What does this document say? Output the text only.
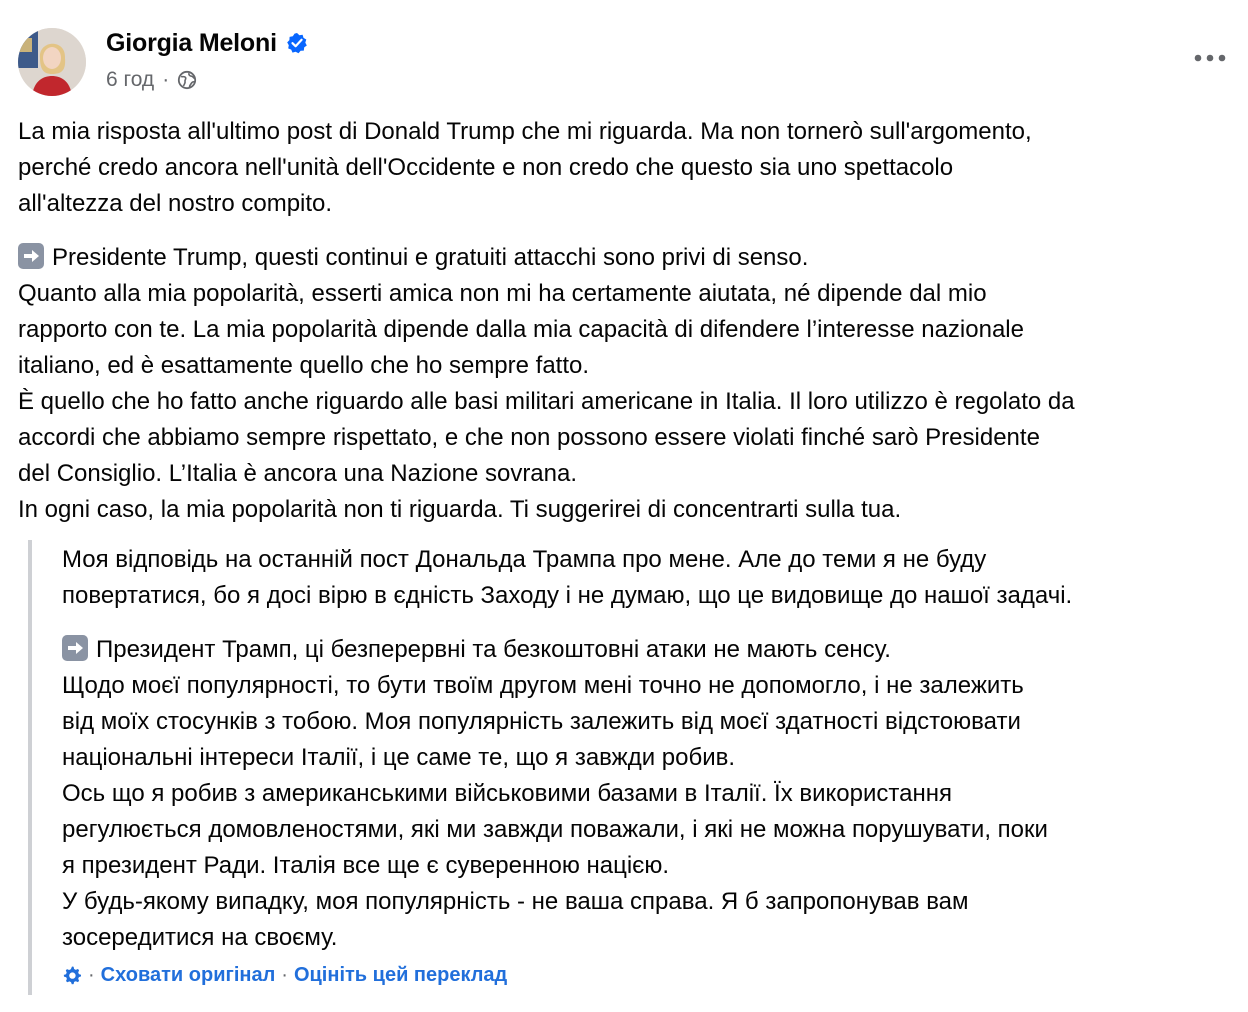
Giorgia Meloni
6 год ·

La mia risposta all'ultimo post di Donald Trump che mi riguarda. Ma non tornerò sull'argomento,
perché credo ancora nell'unità dell'Occidente e non credo che questo sia uno spettacolo
all'altezza del nostro compito.

Presidente Trump, questi continui e gratuiti attacchi sono privi di senso.
Quanto alla mia popolarità, esserti amica non mi ha certamente aiutata, né dipende dal mio
rapporto con te. La mia popolarità dipende dalla mia capacità di difendere l’interesse nazionale
italiano, ed è esattamente quello che ho sempre fatto.
È quello che ho fatto anche riguardo alle basi militari americane in Italia. Il loro utilizzo è regolato da
accordi che abbiamo sempre rispettato, e che non possono essere violati finché sarò Presidente
del Consiglio. L’Italia è ancora una Nazione sovrana.
In ogni caso, la mia popolarità non ti riguarda. Ti suggerirei di concentrarti sulla tua.

Моя відповідь на останній пост Дональда Трампа про мене. Але до теми я не буду
повертатися, бо я досі вірю в єдність Заходу і не думаю, що це видовище до нашої задачі.

Президент Трамп, ці безперервні та безкоштовні атаки не мають сенсу.
Щодо моєї популярності, то бути твоїм другом мені точно не допомогло, і не залежить
від моїх стосунків з тобою. Моя популярність залежить від моєї здатності відстоювати
національні інтереси Італії, і це саме те, що я завжди робив.
Ось що я робив з американськими військовими базами в Італії. Їх використання
регулюється домовленостями, які ми завжди поважали, і які не можна порушувати, поки
я президент Ради. Італія все ще є суверенною нацією.
У будь-якому випадку, моя популярність - не ваша справа. Я б запропонував вам
зосередитися на своєму.

· Сховати оригінал · Оцініть цей переклад
